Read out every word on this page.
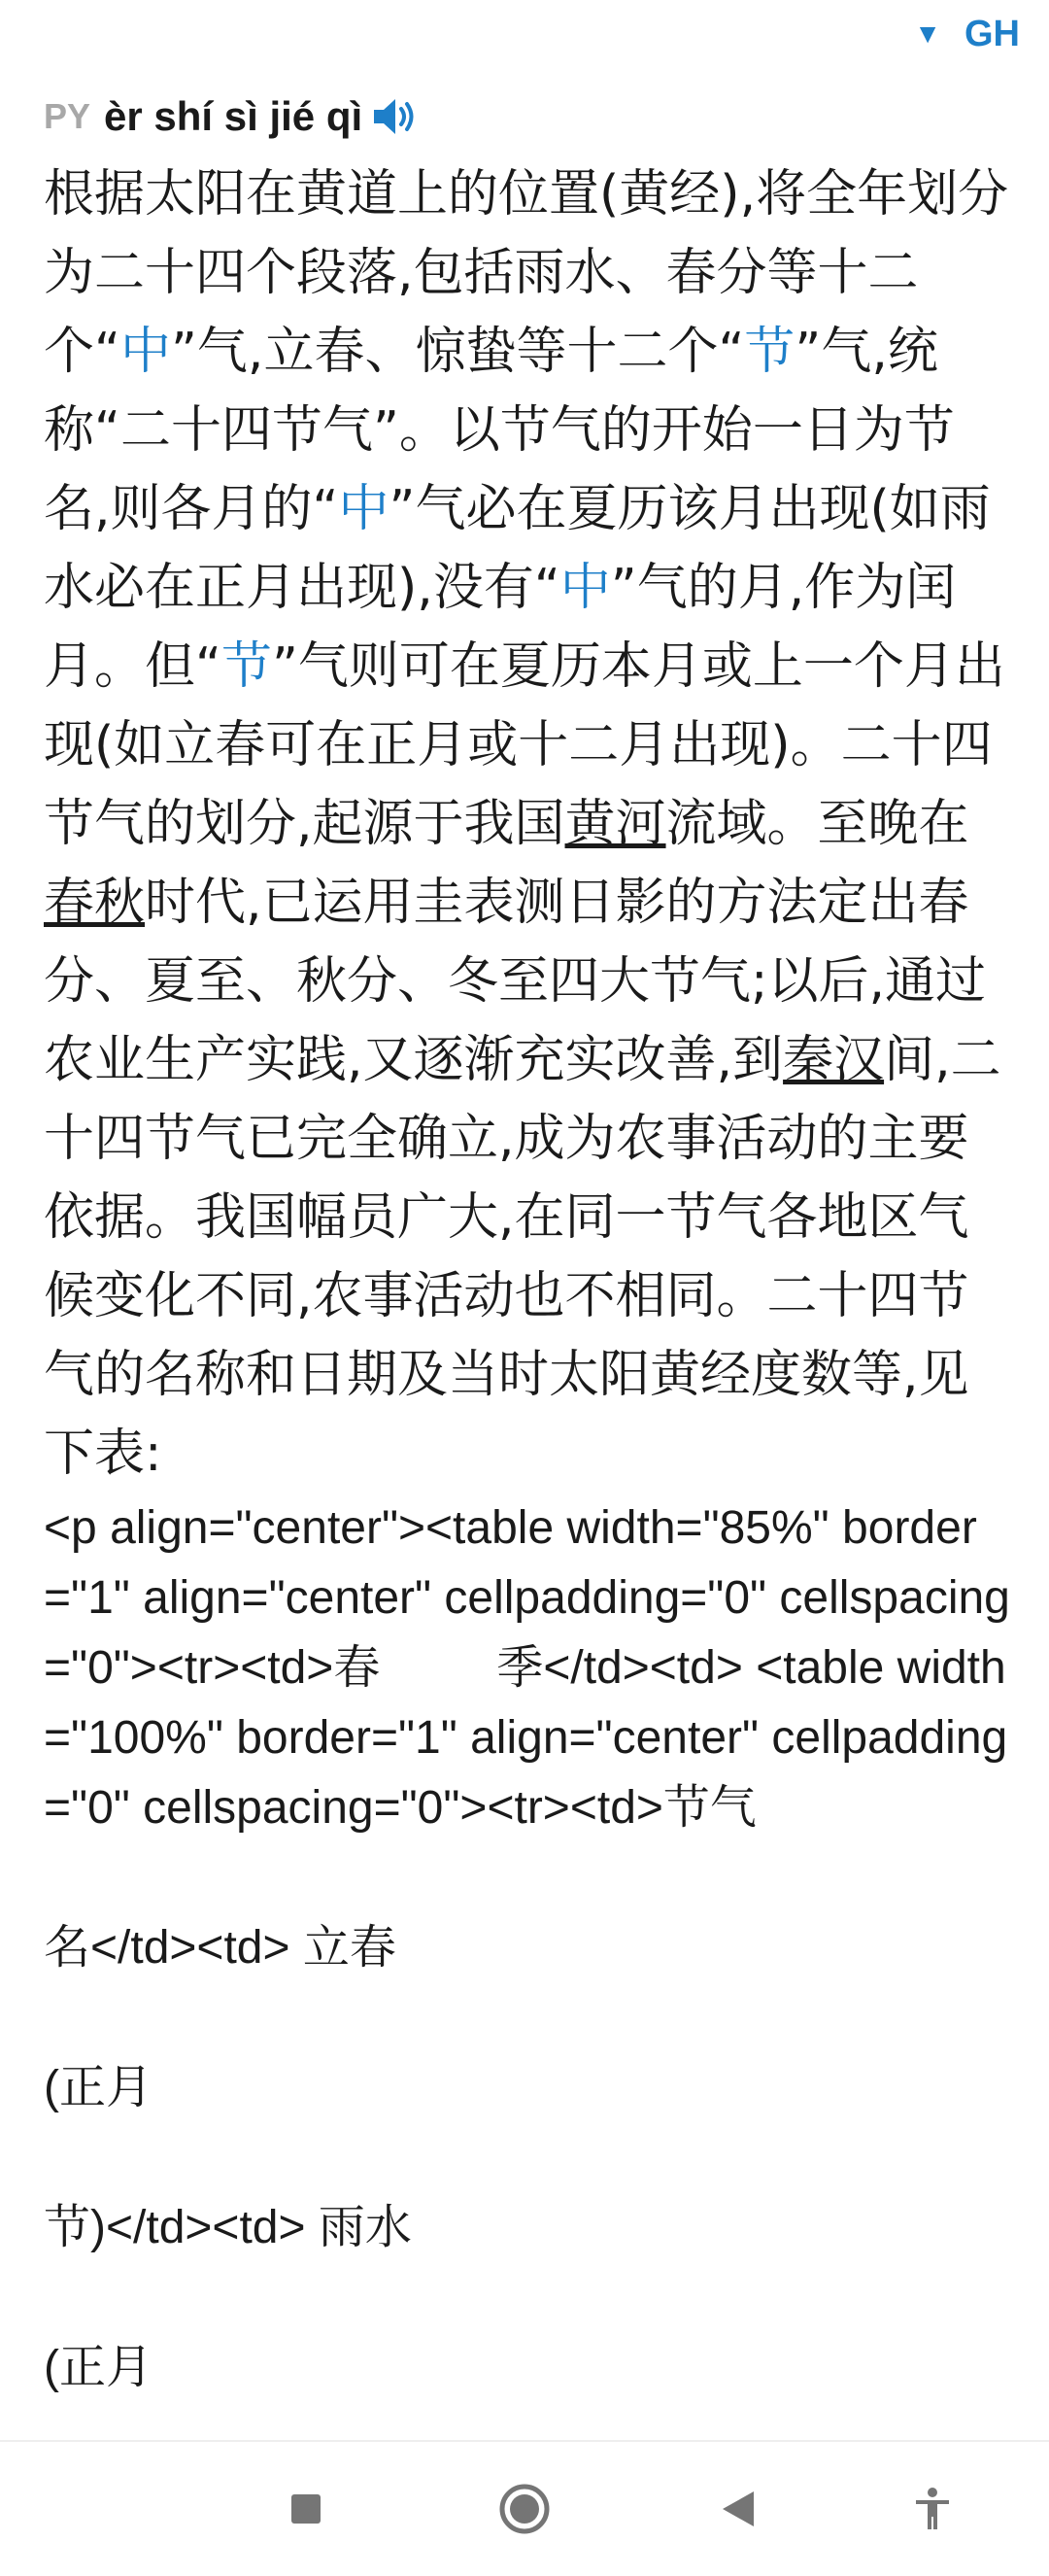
▼ GH
PY èr shí sì jié qì

根据太阳在黄道上的位置(黄经),将全年划分为二十四个段落,包括雨水、春分等十二个“中”气,立春、惊蛰等十二个“节”气,统称“二十四节气”。以节气的开始一日为节名,则各月的“中”气必在夏历该月出现(如雨水必在正月出现),没有“中”气的月,作为闰月。但“节”气则可在夏历本月或上一个月出现(如立春可在正月或十二月出现)。二十四节气的划分,起源于我国黄河流域。至晚在春秋时代,已运用圭表测日影的方法定出春分、夏至、秋分、冬至四大节气;以后,通过农业生产实践,又逐渐充实改善,到秦汉间,二十四节气已完全确立,成为农事活动的主要依据。我国幅员广大,在同一节气各地区气候变化不同,农事活动也不相同。二十四节气的名称和日期及当时太阳黄经度数等,见下表:

<p align="center"><table width="85%" border="1" align="center" cellpadding="0" cellspacing="0"><tr><td>春         季</td><td> <table width="100%" border="1" align="center" cellpadding="0" cellspacing="0"><tr><td>节气

名</td><td> 立春

(正月

节)</td><td> 雨水

(正月
